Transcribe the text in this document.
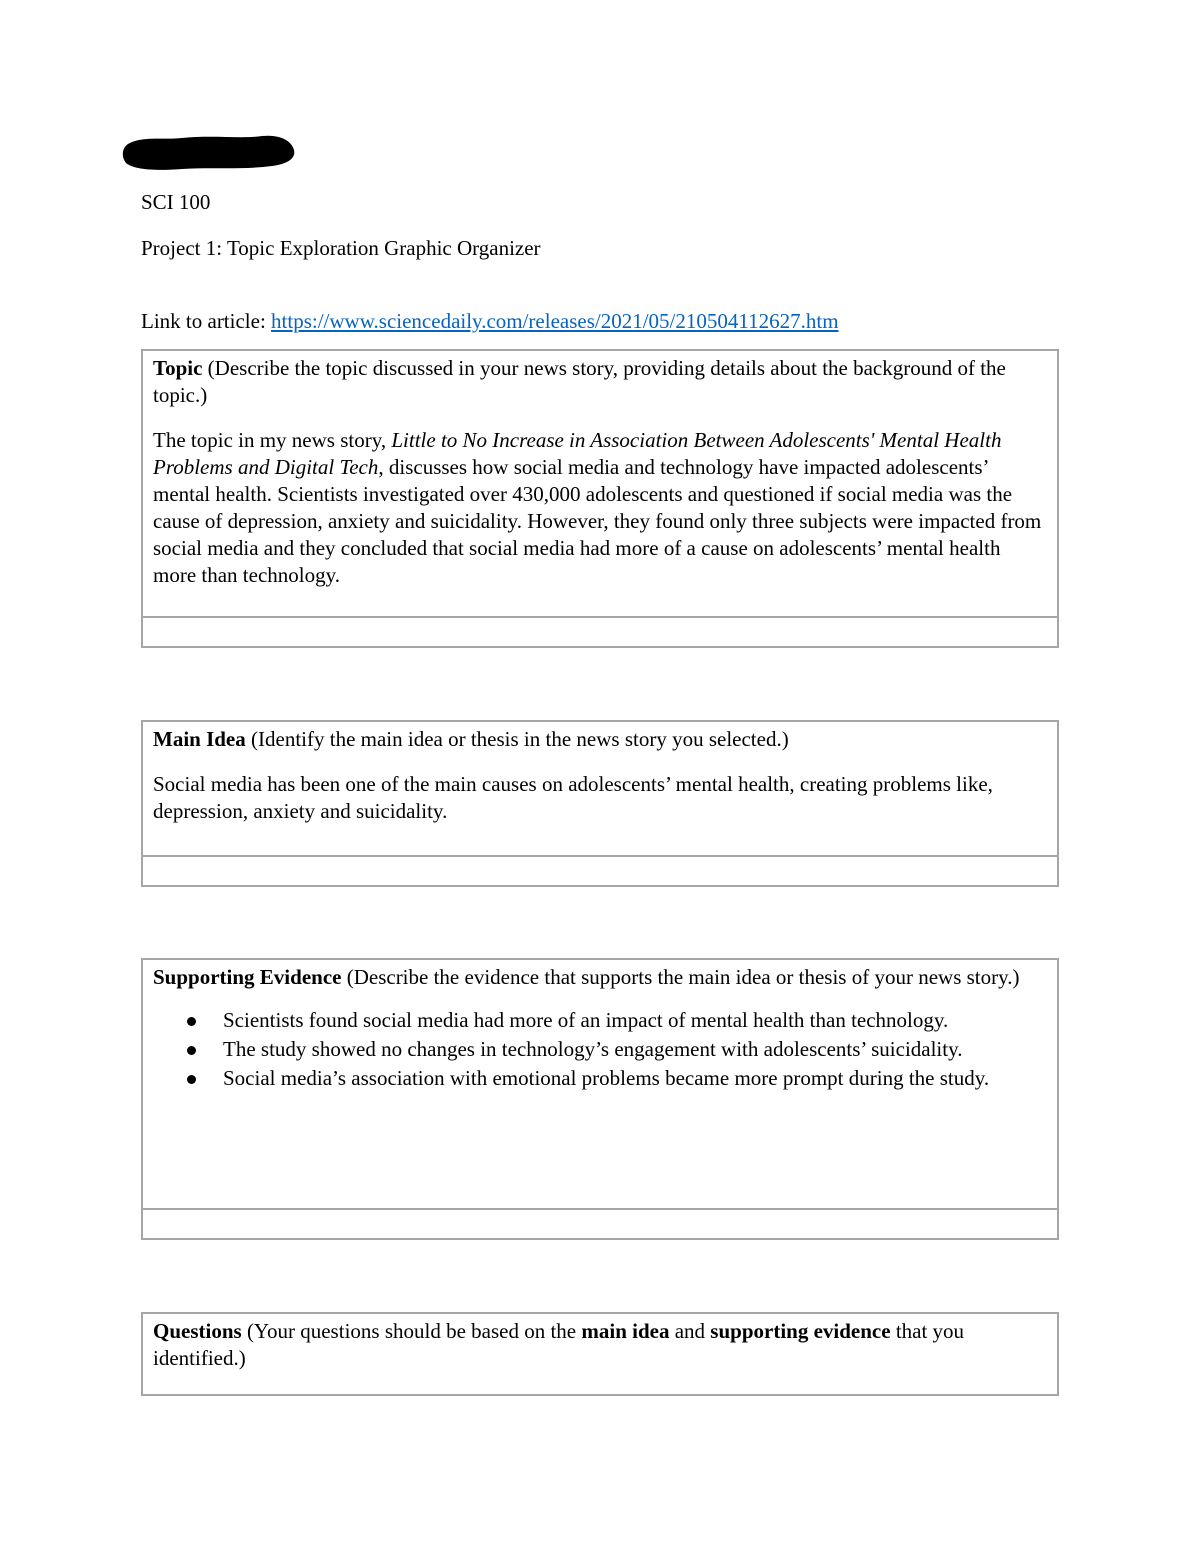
SCI 100
Project 1: Topic Exploration Graphic Organizer
Link to article: https://www.sciencedaily.com/releases/2021/05/210504112627.htm

Topic (Describe the topic discussed in your news story, providing details about the background of the topic.)

The topic in my news story, Little to No Increase in Association Between Adolescents' Mental Health Problems and Digital Tech, discusses how social media and technology have impacted adolescents’ mental health. Scientists investigated over 430,000 adolescents and questioned if social media was the cause of depression, anxiety and suicidality. However, they found only three subjects were impacted from social media and they concluded that social media had more of a cause on adolescents’ mental health more than technology.

Main Idea (Identify the main idea or thesis in the news story you selected.)

Social media has been one of the main causes on adolescents’ mental health, creating problems like, depression, anxiety and suicidality.

Supporting Evidence (Describe the evidence that supports the main idea or thesis of your news story.)

Scientists found social media had more of an impact of mental health than technology.
The study showed no changes in technology’s engagement with adolescents’ suicidality.
Social media’s association with emotional problems became more prompt during the study.

Questions (Your questions should be based on the main idea and supporting evidence that you identified.)
